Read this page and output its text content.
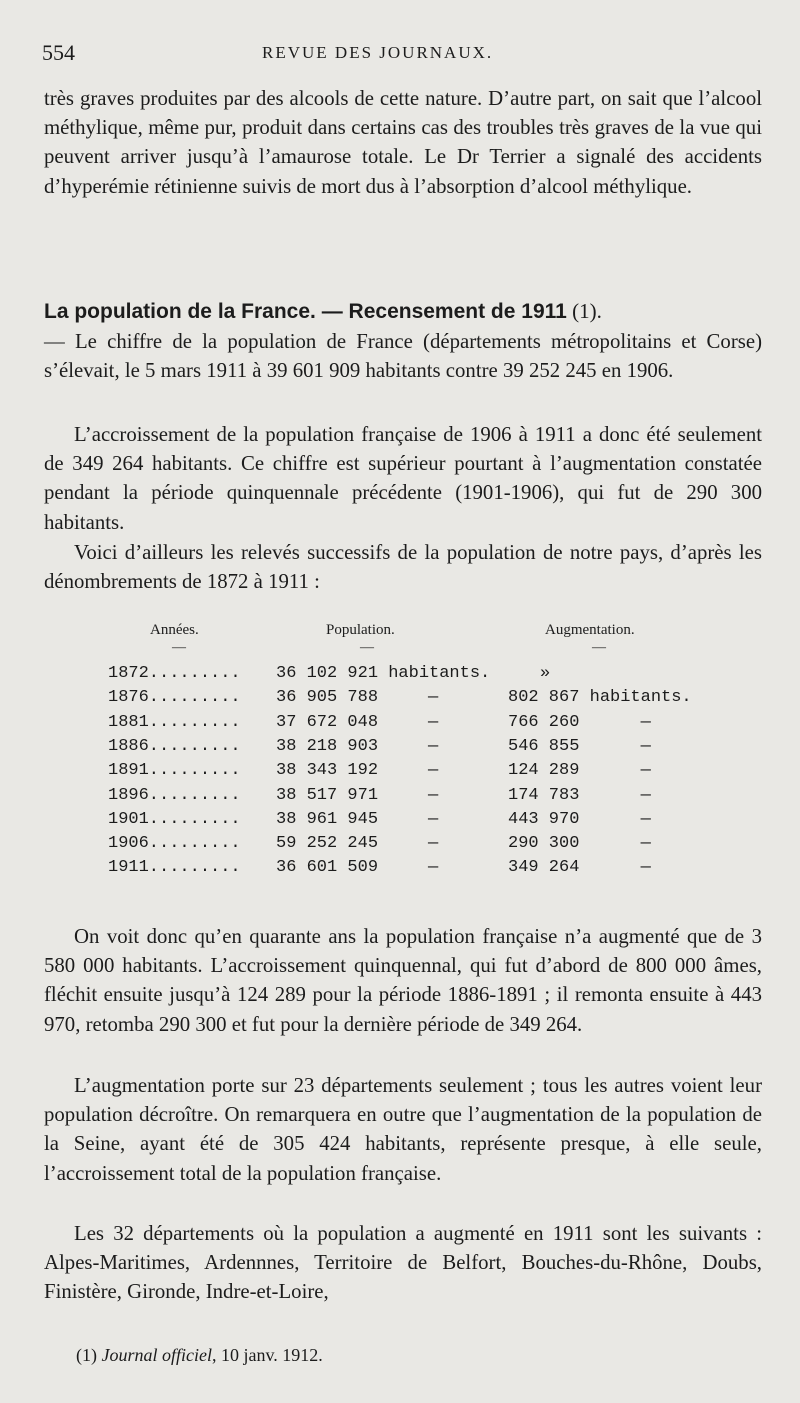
554	REVUE DES JOURNAUX.

très graves produites par des alcools de cette nature. D’autre part, on sait que l’alcool méthylique, même pur, produit dans certains cas des troubles très graves de la vue qui peuvent arriver jusqu’à l’amaurose totale. Le Dr Terrier a signalé des accidents d’hyperémie rétinienne suivis de mort dus à l’absorption d’alcool méthylique.

La population de la France. — Recensement de 1911 (1).

— Le chiffre de la population de France (départements métropolitains et Corse) s’élevait, le 5 mars 1911 à 39 601 909 habitants contre 39 252 245 en 1906.

L’accroissement de la population française de 1906 à 1911 a donc été seulement de 349 264 habitants. Ce chiffre est supérieur pourtant à l’augmentation constatée pendant la période quinquennale précédente (1901-1906), qui fut de 290 300 habitants.

Voici d’ailleurs les relevés successifs de la population de notre pays, d’après les dénombrements de 1872 à 1911 :

On voit donc qu’en quarante ans la population française n’a augmenté que de 3 580 000 habitants. L’accroissement quinquennal, qui fut d’abord de 800 000 âmes, fléchit ensuite jusqu’à 124 289 pour la période 1886-1891 ; il remonta ensuite à 443 970, retomba 290 300 et fut pour la dernière période de 349 264.

L’augmentation porte sur 23 départements seulement ; tous les autres voient leur population décroître. On remarquera en outre que l’augmentation de la population de la Seine, ayant été de 305 424 habitants, représente presque, à elle seule, l’accroissement total de la population française.

Les 32 départements où la population a augmenté en 1911 sont les suivants : Alpes-Maritimes, Ardennnes, Territoire de Belfort, Bouches-du-Rhône, Doubs, Finistère, Gironde, Indre-et-Loire,

Années.	Population.	Augmentation.
—	—	—
1872......... 36 102 921 habitants.	»
1876......... 36 905 788	—	802 867 habitants.
1881......... 37 672 048	—	766 260      —
1886......... 38 218 903	—	546 855      —
1891......... 38 343 192	—	124 289      —
1896......... 38 517 971	—	174 783      —
1901......... 38 961 945	—	443 970      —
1906......... 59 252 245	—	290 300      —
1911......... 36 601 509	—	349 264      —
(1) Journal officiel, 10 janv. 1912.
